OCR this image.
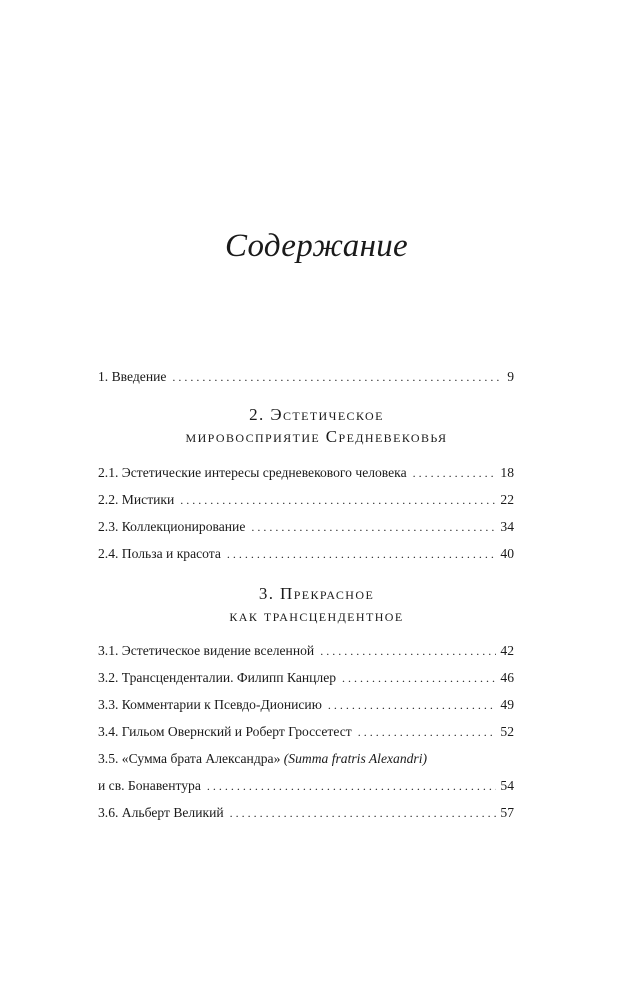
Содержание
1. Введение . . .	9
2. Эстетическое
мировосприятие Средневековья
2.1. Эстетические интересы средневекового человека . . .	18
2.2. Мистики . . .	22
2.3. Коллекционирование . . .	34
2.4. Польза и красота . . .	40
3. Прекрасное
как трансцендентное
3.1. Эстетическое видение вселенной . . .	42
3.2. Трансценденталии. Филипп Канцлер . . .	46
3.3. Комментарии к Псевдо-Дионисию . . .	49
3.4. Гильом Овернский и Роберт Гроссетест . . .	52
3.5. «Сумма брата Александра» (Summa fratris Alexandri)
и св. Бонавентура . . .	54
3.6. Альберт Великий . . .	57
